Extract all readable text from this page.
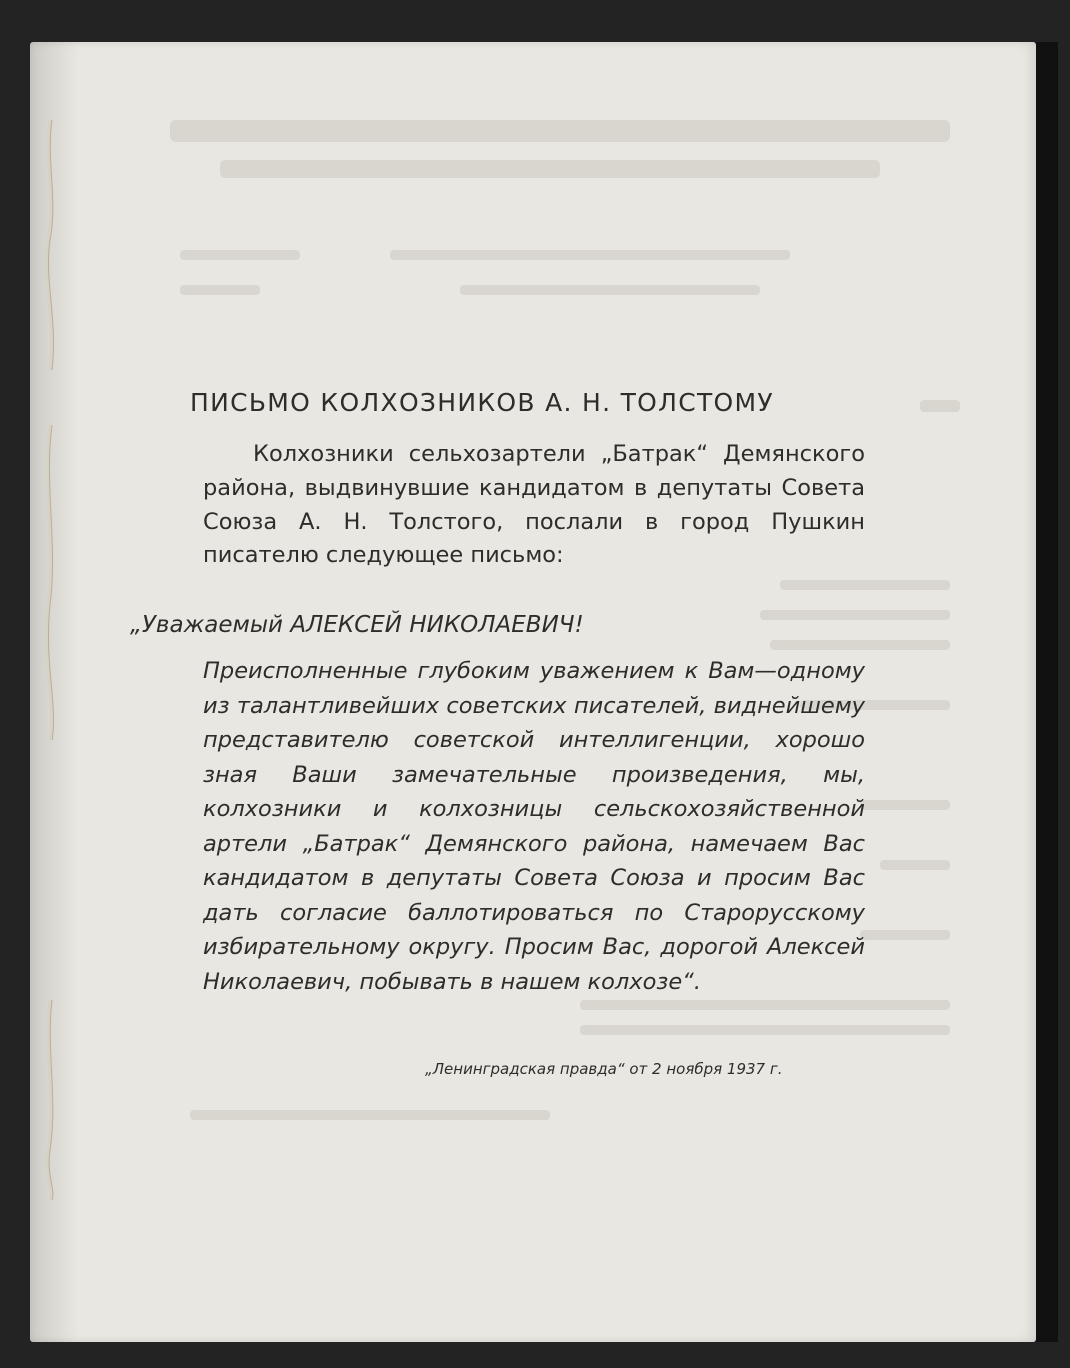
ПИСЬМО КОЛХОЗНИКОВ А. Н. ТОЛСТОМУ

Колхозники сельхозартели „Батрак“ Демянского района, выдвинувшие кандидатом в депутаты Совета Союза А. Н. Толстого, послали в город Пушкин писателю следующее письмо:

„Уважаемый АЛЕКСЕЙ НИКОЛАЕВИЧ!

Преисполненные глубоким уважением к Вам—одному из талантливейших советских писателей, виднейшему представителю советской интеллигенции, хорошо зная Ваши замечательные произведения, мы, колхозники и колхозницы сельскохозяйственной артели „Батрак“ Демянского района, намечаем Вас кандидатом в депутаты Совета Союза и просим Вас дать согласие баллотироваться по Старорусскому избирательному округу. Просим Вас, дорогой Алексей Николаевич, побывать в нашем колхозе“.

„Ленинградская правда“ от 2 ноября 1937 г.
